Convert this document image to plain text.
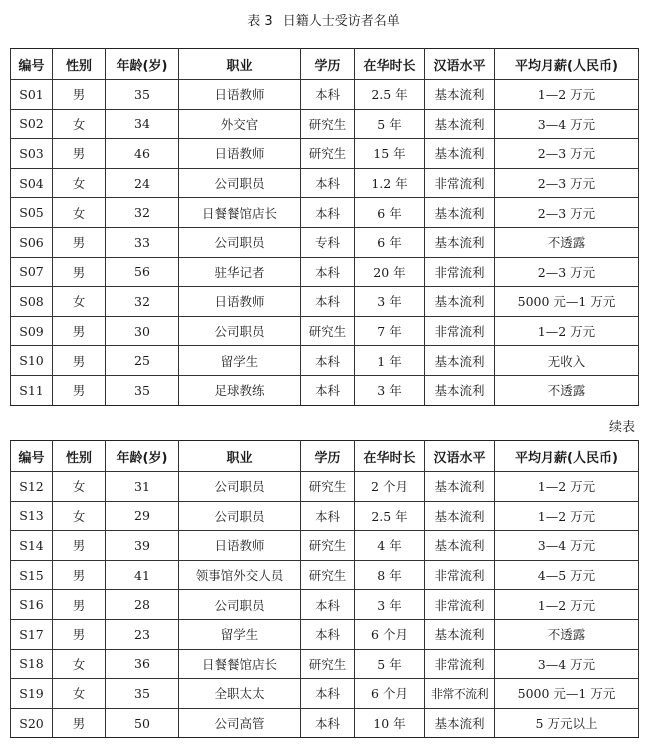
表 3 日籍人士受访者名单
编号	性别	年龄(岁)	职业	学历	在华时长	汉语水平	平均月薪(人民币)
S01	男	35	日语教师	本科	2.5 年	基本流利	1—2 万元
S02	女	34	外交官	研究生	5 年	基本流利	3—4 万元
S03	男	46	日语教师	研究生	15 年	基本流利	2—3 万元
S04	女	24	公司职员	本科	1.2 年	非常流利	2—3 万元
S05	女	32	日餐餐馆店长	本科	6 年	基本流利	2—3 万元
S06	男	33	公司职员	专科	6 年	基本流利	不透露
S07	男	56	驻华记者	本科	20 年	非常流利	2—3 万元
S08	女	32	日语教师	本科	3 年	基本流利	5000 元—1 万元
S09	男	30	公司职员	研究生	7 年	非常流利	1—2 万元
S10	男	25	留学生	本科	1 年	基本流利	无收入
S11	男	35	足球教练	本科	3 年	基本流利	不透露
续表
编号	性别	年龄(岁)	职业	学历	在华时长	汉语水平	平均月薪(人民币)
S12	女	31	公司职员	研究生	2 个月	基本流利	1—2 万元
S13	女	29	公司职员	本科	2.5 年	基本流利	1—2 万元
S14	男	39	日语教师	研究生	4 年	基本流利	3—4 万元
S15	男	41	领事馆外交人员	研究生	8 年	非常流利	4—5 万元
S16	男	28	公司职员	本科	3 年	非常流利	1—2 万元
S17	男	23	留学生	本科	6 个月	基本流利	不透露
S18	女	36	日餐餐馆店长	研究生	5 年	非常流利	3—4 万元
S19	女	35	全职太太	本科	6 个月	非常不流利	5000 元—1 万元
S20	男	50	公司高管	本科	10 年	基本流利	5 万元以上
